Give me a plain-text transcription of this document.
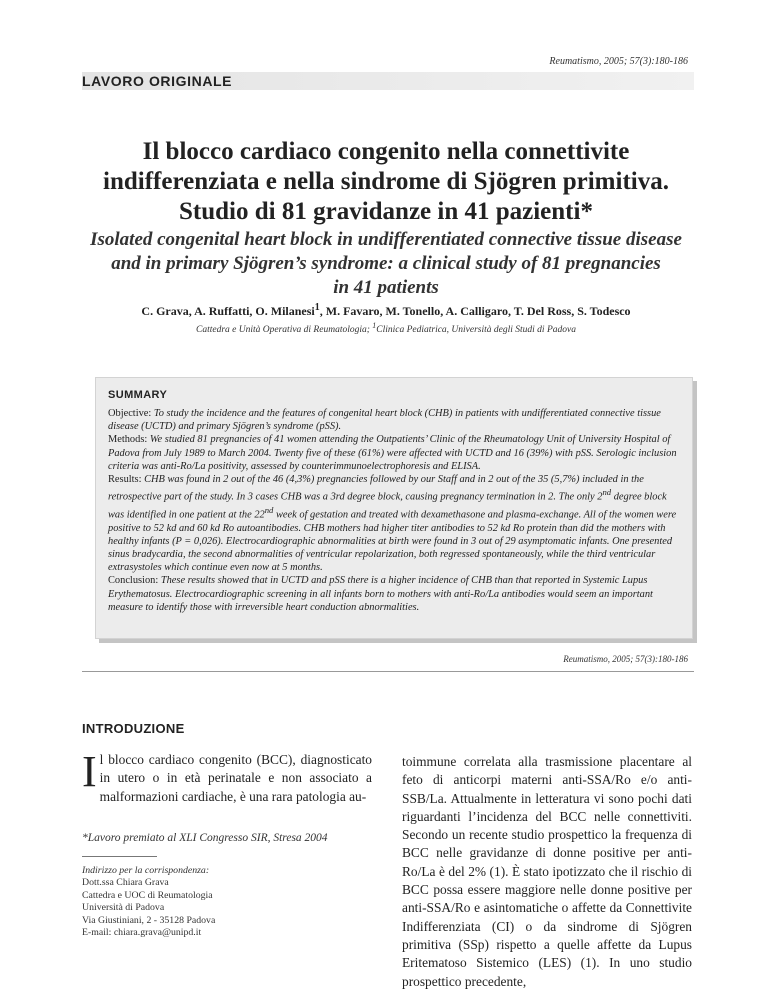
Reumatismo, 2005; 57(3):180-186
LAVORO ORIGINALE
Il blocco cardiaco congenito nella connettivite
indifferenziata e nella sindrome di Sjögren primitiva.
Studio di 81 gravidanze in 41 pazienti*
Isolated congenital heart block in undifferentiated connective tissue disease
and in primary Sjögren’s syndrome: a clinical study of 81 pregnancies
in 41 patients
C. Grava, A. Ruffatti, O. Milanesi$^1$, M. Favaro, M. Tonello, A. Calligaro, T. Del Ross, S. Todesco
Cattedra e Unità Operativa di Reumatologia; $^1$Clinica Pediatrica, Università degli Studi di Padova
SUMMARY

Objective: To study the incidence and the features of congenital heart block (CHB) in patients with undifferentiated connective tissue disease (UCTD) and primary Sjögren’s syndrome (pSS).

Methods: We studied 81 pregnancies of 41 women attending the Outpatients’ Clinic of the Rheumatology Unit of University Hospital of Padova from July 1989 to March 2004. Twenty five of these (61%) were affected with UCTD and 16 (39%) with pSS. Serologic inclusion criteria was anti-Ro/La positivity, assessed by counterimmunoelectrophoresis and ELISA.

Results: CHB was found in 2 out of the 46 (4,3%) pregnancies followed by our Staff and in 2 out of the 35 (5,7%) included in the retrospective part of the study. In 3 cases CHB was a 3rd degree block, causing pregnancy termination in 2. The only 2nd degree block was identified in one patient at the 22nd week of gestation and treated with dexamethasone and plasma-exchange. All of the women were positive to 52 kd and 60 kd Ro autoantibodies. CHB mothers had higher titer antibodies to 52 kd Ro protein than did the mothers with healthy infants (P = 0,026). Electrocardiographic abnormalities at birth were found in 3 out of 29 asymptomatic infants. One presented sinus bradycardia, the second abnormalities of ventricular repolarization, both regressed spontaneously, while the third ventricular extrasystoles which continue even now at 5 months.

Conclusion: These results showed that in UCTD and pSS there is a higher incidence of CHB than that reported in Systemic Lupus Erythematosus. Electrocardiographic screening in all infants born to mothers with anti-Ro/La antibodies would seem an important measure to identify those with irreversible heart conduction abnormalities.

Reumatismo, 2005; 57(3):180-186
INTRODUZIONE

Il blocco cardiaco congenito (BCC), diagnosticato in utero o in età perinatale e non associato a malformazioni cardiache, è una rara patologia au-

*Lavoro premiato al XLI Congresso SIR, Stresa 2004

Indirizzo per la corrispondenza:
Dott.ssa Chiara Grava
Cattedra e UOC di Reumatologia
Università di Padova
Via Giustiniani, 2 - 35128 Padova
E-mail: chiara.grava@unipd.it

toimmune correlata alla trasmissione placentare al feto di anticorpi materni anti-SSA/Ro e/o anti-SSB/La. Attualmente in letteratura vi sono pochi dati riguardanti l’incidenza del BCC nelle connettiviti. Secondo un recente studio prospettico la frequenza di BCC nelle gravidanze di donne positive per anti-Ro/La è del 2% (1). È stato ipotizzato che il rischio di BCC possa essere maggiore nelle donne positive per anti-SSA/Ro e asintomatiche o affette da Connettivite Indifferenziata (CI) o da sindrome di Sjögren primitiva (SSp) rispetto a quelle affette da Lupus Eritematoso Sistemico (LES) (1). In uno studio prospettico precedente,
